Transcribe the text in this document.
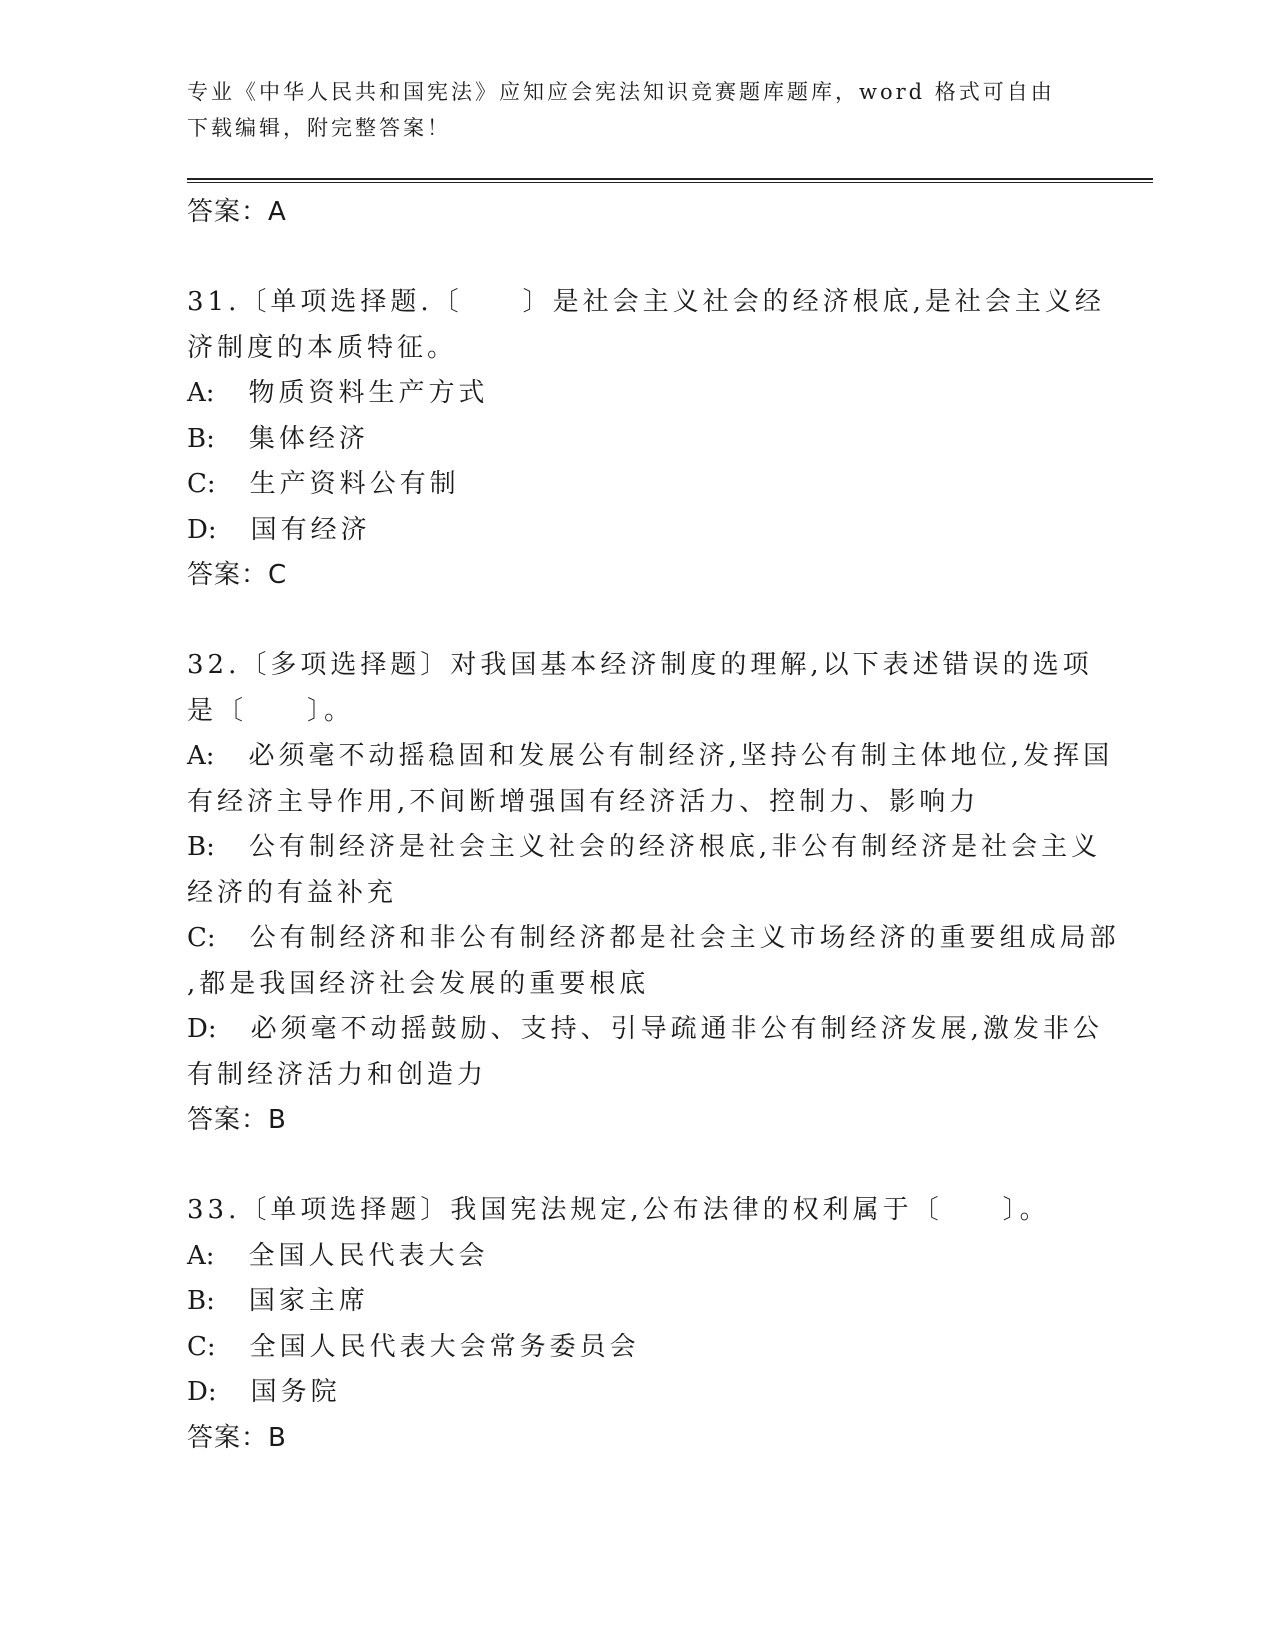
专业《中华人民共和国宪法》应知应会宪法知识竞赛题库题库，word 格式可自由
下载编辑，附完整答案！
答案：A
31.〔单项选择题.〔　　〕是社会主义社会的经济根底,是社会主义经
济制度的本质特征。
A:　物质资料生产方式
B:　集体经济
C:　生产资料公有制
D:　国有经济
答案：C
32.〔多项选择题〕对我国基本经济制度的理解,以下表述错误的选项
是〔　　〕。
A:　必须毫不动摇稳固和发展公有制经济,坚持公有制主体地位,发挥国
有经济主导作用,不间断增强国有经济活力、控制力、影响力
B:　公有制经济是社会主义社会的经济根底,非公有制经济是社会主义
经济的有益补充
C:　公有制经济和非公有制经济都是社会主义市场经济的重要组成局部
,都是我国经济社会发展的重要根底
D:　必须毫不动摇鼓励、支持、引导疏通非公有制经济发展,激发非公
有制经济活力和创造力
答案：B
33.〔单项选择题〕我国宪法规定,公布法律的权利属于〔　　〕。
A:　全国人民代表大会
B:　国家主席
C:　全国人民代表大会常务委员会
D:　国务院
答案：B
